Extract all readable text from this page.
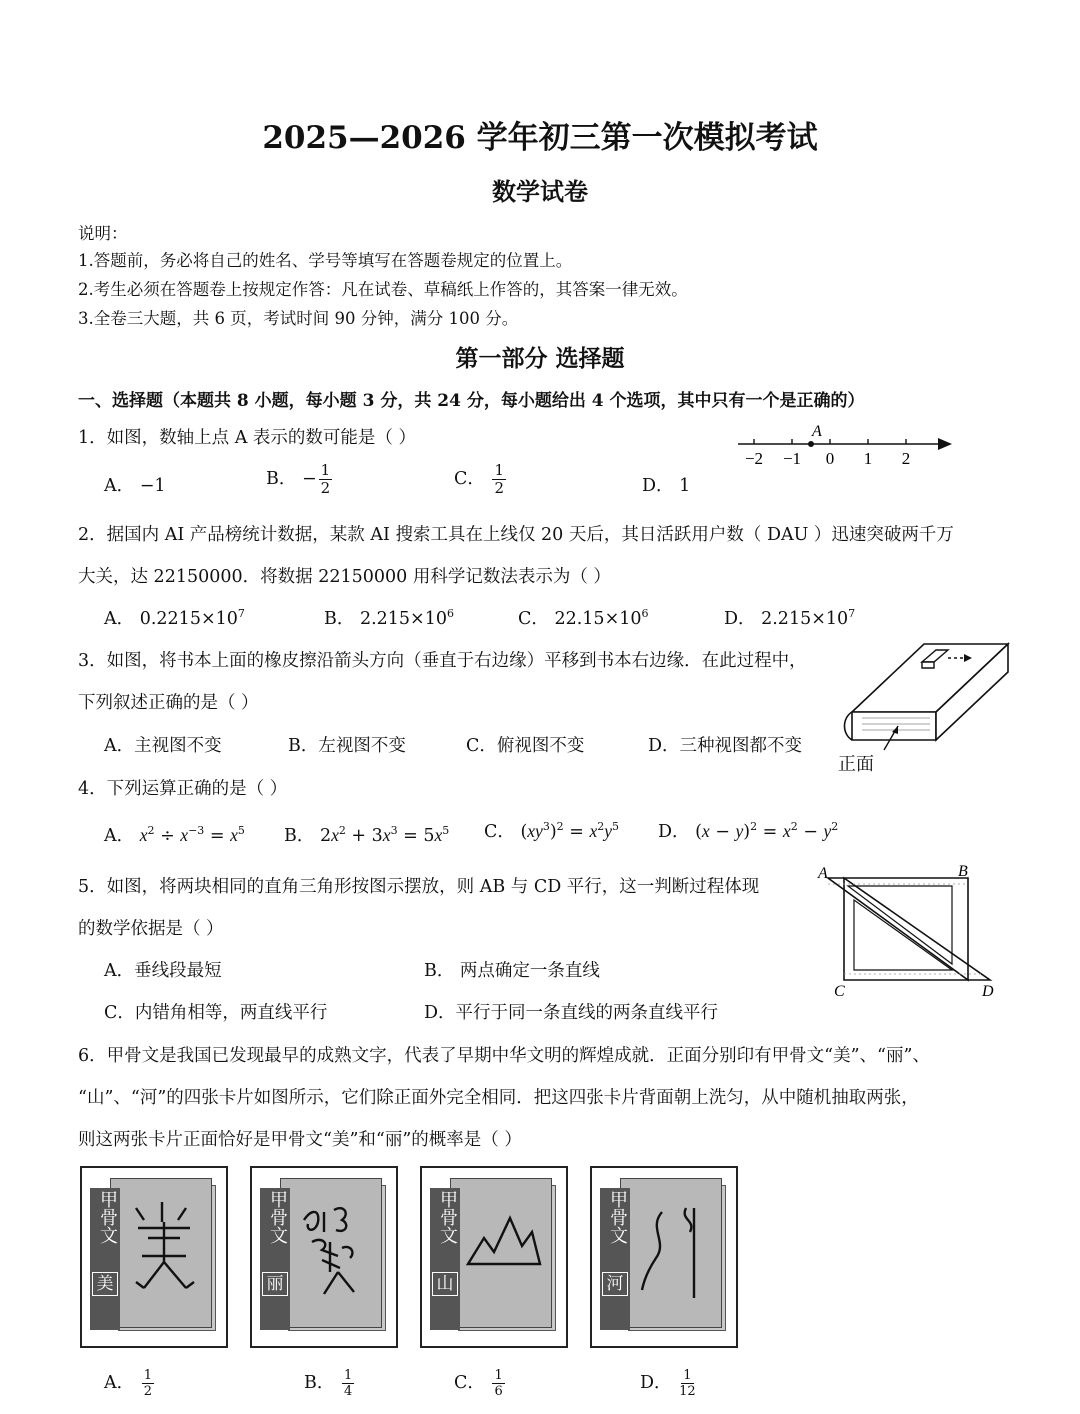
2025—2026 学年初三第一次模拟考试
数学试卷
说明：
1.答题前，务必将自己的姓名、学号等填写在答题卷规定的位置上。
2.考生必须在答题卷上按规定作答：凡在试卷、草稿纸上作答的，其答案一律无效。
3.全卷三大题，共 6 页，考试时间 90 分钟，满分 100 分。
第一部分 选择题
一、选择题（本题共 8 小题，每小题 3 分，共 24 分，每小题给出 4 个选项，其中只有一个是正确的）
1．如图，数轴上点 A 表示的数可能是（ ）
−2 −1 0 1 2
A
A． −1	B． − $\frac{1}{2}$	C． $\frac{1}{2}$	D． 1
2．据国内 AI 产品榜统计数据，某款 AI 搜索工具在上线仅 20 天后，其日活跃用户数（ DAU ）迅速突破两千万
大关，达 22150000．将数据 22150000 用科学记数法表示为（ ）
A． $0.2215\times 10^7$	B． $2.215\times 10^6$	C． $22.15\times 10^6$	D． $2.215\times 10^7$
3．如图，将书本上面的橡皮擦沿箭头方向（垂直于右边缘）平移到书本右边缘．在此过程中，
下列叙述正确的是（ ）
A．主视图不变	B．左视图不变	C．俯视图不变	D．三种视图都不变
正面
4．下列运算正确的是（ ）
A． $x^2 \div x^{-3} = x^5$ B． $2x^2 + 3x^3 = 5x^5$ C． $(xy^3)^2 = x^2y^5$ D． $(x - y)^2 = x^2 - y^2$
5．如图，将两块相同的直角三角形按图示摆放，则 AB 与 CD 平行，这一判断过程体现
的数学依据是（ ）
A．垂线段最短	B． 两点确定一条直线
C．内错角相等，两直线平行	D．平行于同一条直线的两条直线平行
A	B
C	D
6．甲骨文是我国已发现最早的成熟文字，代表了早期中华文明的辉煌成就．正面分别印有甲骨文“美”、“丽”、
“山”、“河”的四张卡片如图所示，它们除正面外完全相同．把这四张卡片背面朝上洗匀，从中随机抽取两张，
则这两张卡片正面恰好是甲骨文“美”和“丽”的概率是（ ）
甲骨文
美
甲骨文
丽
甲骨文
山
甲骨文
河
A． $\frac{1}{2}$	B． $\frac{1}{4}$	C． $\frac{1}{6}$	D． $\frac{1}{12}$
